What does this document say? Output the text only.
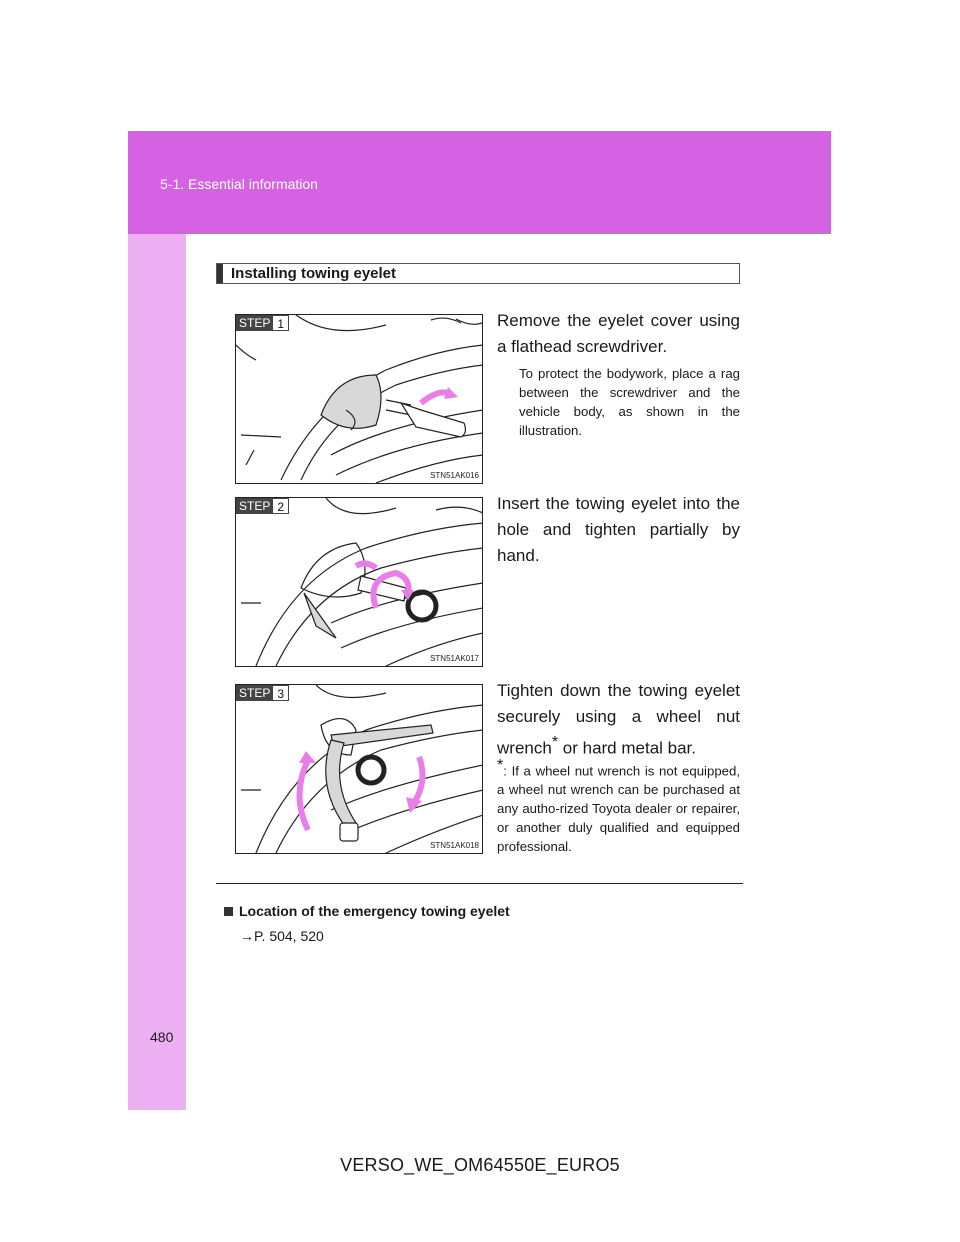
5-1. Essential information
Installing towing eyelet
STEP 1
STN51AK016
Remove the eyelet cover using a flathead screwdriver.
To protect the bodywork, place a rag between the screwdriver and the vehicle body, as shown in the illustration.
STEP 2
STN51AK017
Insert the towing eyelet into the hole and tighten partially by hand.
STEP 3
STN51AK018
Tighten down the towing eyelet securely using a wheel nut wrench* or hard metal bar.
*: If a wheel nut wrench is not equipped, a wheel nut wrench can be purchased at any autho-rized Toyota dealer or repairer, or another duly qualified and equipped professional.
Location of the emergency towing eyelet
→P. 504, 520
480
VERSO_WE_OM64550E_EURO5
